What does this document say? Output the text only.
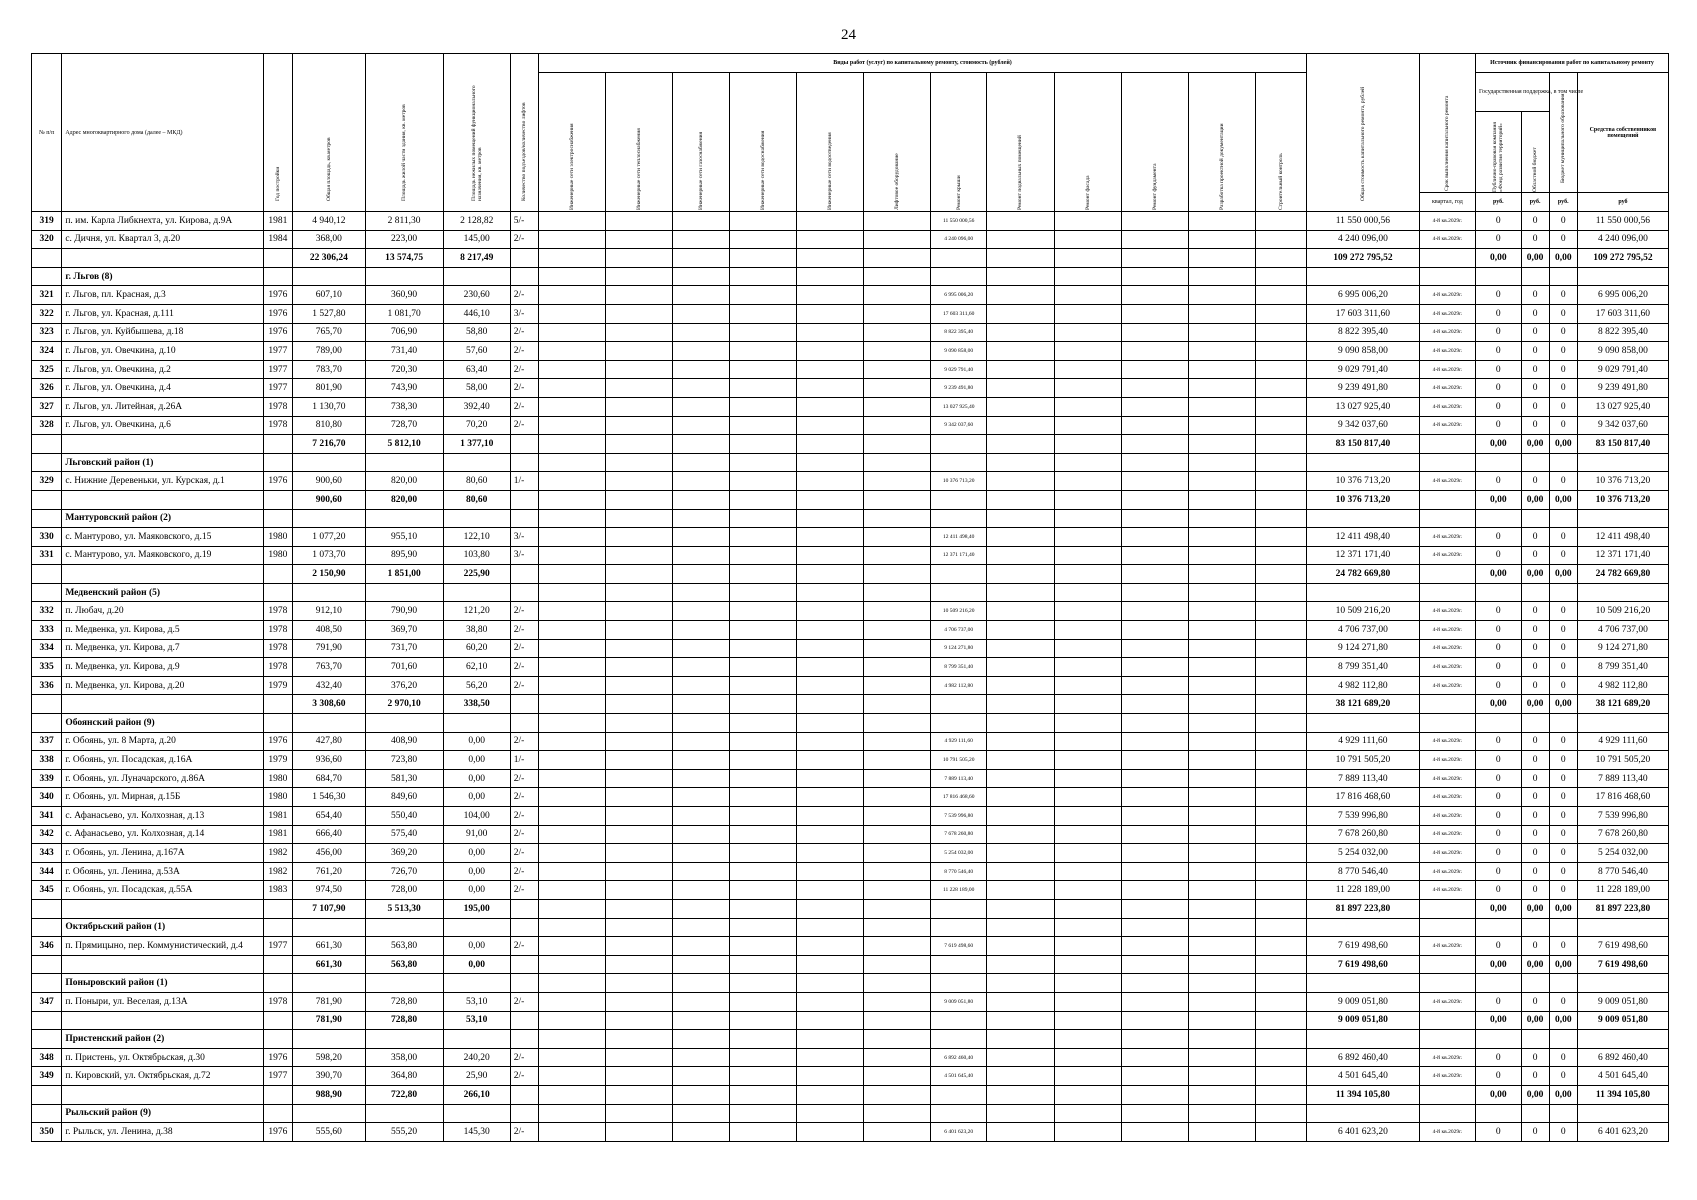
24
№ п/п	Адрес многоквартирного дома (далее – МКД)	Год постройки	Общая площадь, кв.метров	Площадь жилой части здания, кв. метров	Площадь нежилых помещений функционального назначения, кв. метров	Количество подъездов/количество лифтов	Виды работ (услуг) по капитальному ремонту, стоимость (рублей)												Общая стоимость капитального ремонта, рублей	Срок выполнения капитального ремонта	Источник финансирования работ по капитальному ремонту			

							Инженерные сети электроснабжения	Инженерные сети теплоснабжения	Инженерные сети газоснабжения	Инженерные сети водоснабжения	Инженерные сети водоотведения	Лифтовое оборудование	Ремонт крыши	Ремонт подвальных помещений	Ремонт фасада	Ремонт фундамента	Разработка проектной документации	Строительный контроль			Государственная поддержка, в том числе		Бюджет муниципального образования	Средства собственников помещений

																					Публично-правовая компания «Фонд развития территорий»	Областной бюджет		

																				квартал, год	руб.	руб.	руб.	руб
319	п. им. Карла Либкнехта, ул. Кирова, д.9А	1981	4 940,12	2 811,30	2 128,82	5/-							11 550 000,56						11 550 000,56	4-й кв.2029г.	0	0	0	11 550 000,56
320	с. Дичня, ул. Квартал 3, д.20	1984	368,00	223,00	145,00	2/-							4 240 096,00						4 240 096,00	4-й кв.2029г.	0	0	0	4 240 096,00
			22 306,24	13 574,75	8 217,49														109 272 795,52		0,00	0,00	0,00	109 272 795,52
	г. Льгов (8)																							
321	г. Льгов, пл. Красная, д.3	1976	607,10	360,90	230,60	2/-							6 995 006,20						6 995 006,20	4-й кв.2029г.	0	0	0	6 995 006,20
322	г. Льгов, ул. Красная, д.111	1976	1 527,80	1 081,70	446,10	3/-							17 603 311,60						17 603 311,60	4-й кв.2029г.	0	0	0	17 603 311,60
323	г. Льгов, ул. Куйбышева, д.18	1976	765,70	706,90	58,80	2/-							8 822 395,40						8 822 395,40	4-й кв.2029г.	0	0	0	8 822 395,40
324	г. Льгов, ул. Овечкина, д.10	1977	789,00	731,40	57,60	2/-							9 090 858,00						9 090 858,00	4-й кв.2029г.	0	0	0	9 090 858,00
325	г. Льгов, ул. Овечкина, д.2	1977	783,70	720,30	63,40	2/-							9 029 791,40						9 029 791,40	4-й кв.2029г.	0	0	0	9 029 791,40
326	г. Льгов, ул. Овечкина, д.4	1977	801,90	743,90	58,00	2/-							9 239 491,80						9 239 491,80	4-й кв.2029г.	0	0	0	9 239 491,80
327	г. Льгов, ул. Литейная, д.26А	1978	1 130,70	738,30	392,40	2/-							13 027 925,40						13 027 925,40	4-й кв.2029г.	0	0	0	13 027 925,40
328	г. Льгов, ул. Овечкина, д.6	1978	810,80	728,70	70,20	2/-							9 342 037,60						9 342 037,60	4-й кв.2029г.	0	0	0	9 342 037,60
			7 216,70	5 812,10	1 377,10														83 150 817,40		0,00	0,00	0,00	83 150 817,40
	Льговский район (1)																							
329	с. Нижние Деревеньки, ул. Курская, д.1	1976	900,60	820,00	80,60	1/-							10 376 713,20						10 376 713,20	4-й кв.2029г.	0	0	0	10 376 713,20
			900,60	820,00	80,60														10 376 713,20		0,00	0,00	0,00	10 376 713,20
	Мантуровский район (2)																							
330	с. Мантурово, ул. Маяковского, д.15	1980	1 077,20	955,10	122,10	3/-							12 411 498,40						12 411 498,40	4-й кв.2029г.	0	0	0	12 411 498,40
331	с. Мантурово, ул. Маяковского, д.19	1980	1 073,70	895,90	103,80	3/-							12 371 171,40						12 371 171,40	4-й кв.2029г.	0	0	0	12 371 171,40
			2 150,90	1 851,00	225,90														24 782 669,80		0,00	0,00	0,00	24 782 669,80
	Медвенский район (5)																							
332	п. Любач, д.20	1978	912,10	790,90	121,20	2/-							10 509 216,20						10 509 216,20	4-й кв.2029г.	0	0	0	10 509 216,20
333	п. Медвенка, ул. Кирова, д.5	1978	408,50	369,70	38,80	2/-							4 706 737,00						4 706 737,00	4-й кв.2029г.	0	0	0	4 706 737,00
334	п. Медвенка, ул. Кирова, д.7	1978	791,90	731,70	60,20	2/-							9 124 271,80						9 124 271,80	4-й кв.2029г.	0	0	0	9 124 271,80
335	п. Медвенка, ул. Кирова, д.9	1978	763,70	701,60	62,10	2/-							8 799 351,40						8 799 351,40	4-й кв.2029г.	0	0	0	8 799 351,40
336	п. Медвенка, ул. Кирова, д.20	1979	432,40	376,20	56,20	2/-							4 982 112,80						4 982 112,80	4-й кв.2029г.	0	0	0	4 982 112,80
			3 308,60	2 970,10	338,50														38 121 689,20		0,00	0,00	0,00	38 121 689,20
	Обоянский район (9)																							
337	г. Обоянь, ул. 8 Марта, д.20	1976	427,80	408,90	0,00	2/-							4 929 111,60						4 929 111,60	4-й кв.2029г.	0	0	0	4 929 111,60
338	г. Обоянь, ул. Посадская, д.16А	1979	936,60	723,80	0,00	1/-							10 791 505,20						10 791 505,20	4-й кв.2029г.	0	0	0	10 791 505,20
339	г. Обоянь, ул. Луначарского, д.86А	1980	684,70	581,30	0,00	2/-							7 889 113,40						7 889 113,40	4-й кв.2029г.	0	0	0	7 889 113,40
340	г. Обоянь, ул. Мирная, д.15Б	1980	1 546,30	849,60	0,00	2/-							17 816 468,60						17 816 468,60	4-й кв.2029г.	0	0	0	17 816 468,60
341	с. Афанасьево, ул. Колхозная, д.13	1981	654,40	550,40	104,00	2/-							7 539 996,80						7 539 996,80	4-й кв.2029г.	0	0	0	7 539 996,80
342	с. Афанасьево, ул. Колхозная, д.14	1981	666,40	575,40	91,00	2/-							7 678 260,80						7 678 260,80	4-й кв.2029г.	0	0	0	7 678 260,80
343	г. Обоянь, ул. Ленина, д.167А	1982	456,00	369,20	0,00	2/-							5 254 032,00						5 254 032,00	4-й кв.2029г.	0	0	0	5 254 032,00
344	г. Обоянь, ул. Ленина, д.53А	1982	761,20	726,70	0,00	2/-							8 770 546,40						8 770 546,40	4-й кв.2029г.	0	0	0	8 770 546,40
345	г. Обоянь, ул. Посадская, д.55А	1983	974,50	728,00	0,00	2/-							11 228 189,00						11 228 189,00	4-й кв.2029г.	0	0	0	11 228 189,00
			7 107,90	5 513,30	195,00														81 897 223,80		0,00	0,00	0,00	81 897 223,80
	Октябрьский район (1)																							
346	п. Прямицыно, пер. Коммунистический, д.4	1977	661,30	563,80	0,00	2/-							7 619 498,60						7 619 498,60	4-й кв.2029г.	0	0	0	7 619 498,60
			661,30	563,80	0,00														7 619 498,60		0,00	0,00	0,00	7 619 498,60
	Поныровский район (1)																							
347	п. Поныри, ул. Веселая, д.13А	1978	781,90	728,80	53,10	2/-							9 009 051,80						9 009 051,80	4-й кв.2029г.	0	0	0	9 009 051,80
			781,90	728,80	53,10														9 009 051,80		0,00	0,00	0,00	9 009 051,80
	Пристенский район (2)																							
348	п. Пристень, ул. Октябрьская, д.30	1976	598,20	358,00	240,20	2/-							6 892 460,40						6 892 460,40	4-й кв.2029г.	0	0	0	6 892 460,40
349	п. Кировский, ул. Октябрьская, д.72	1977	390,70	364,80	25,90	2/-							4 501 645,40						4 501 645,40	4-й кв.2029г.	0	0	0	4 501 645,40
			988,90	722,80	266,10														11 394 105,80		0,00	0,00	0,00	11 394 105,80
	Рыльский район (9)																							
350	г. Рыльск, ул. Ленина, д.38	1976	555,60	555,20	145,30	2/-							6 401 623,20						6 401 623,20	4-й кв.2029г.	0	0	0	6 401 623,20
